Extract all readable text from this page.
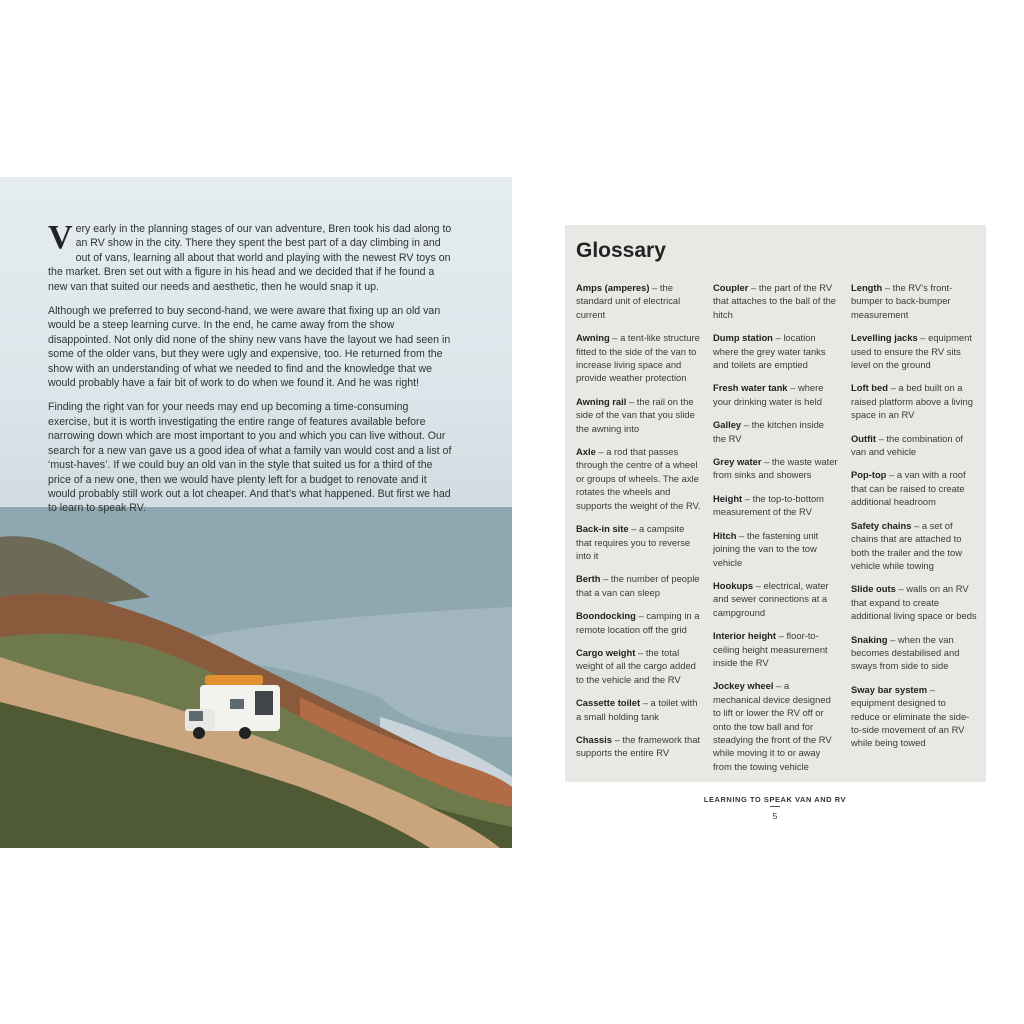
Very early in the planning stages of our van adventure, Bren took his dad along to an RV show in the city. There they spent the best part of a day climbing in and out of vans, learning all about that world and playing with the newest RV toys on the market. Bren set out with a figure in his head and we decided that if he found a new van that suited our needs and aesthetic, then he would snap it up.

Although we preferred to buy second-hand, we were aware that fixing up an old van would be a steep learning curve. In the end, he came away from the show disappointed. Not only did none of the shiny new vans have the layout we had seen in some of the older vans, but they were ugly and expensive, too. He returned from the show with an understanding of what we needed to find and the knowledge that we would probably have a fair bit of work to do when we found it. And he was right!

Finding the right van for your needs may end up becoming a time-consuming exercise, but it is worth investigating the entire range of features available before narrowing down which are most important to you and which you can live without. Our search for a new van gave us a good idea of what a family van would cost and a list of ‘must-haves’. If we could buy an old van in the style that suited us for a third of the price of a new one, then we would have plenty left for a budget to renovate and it would probably still work out a lot cheaper. And that’s what happened. But first we had to learn to speak RV.

Glossary
Amps (amperes) – the standard unit of electrical current
Awning – a tent-like structure fitted to the side of the van to increase living space and provide weather protection
Awning rail – the rail on the side of the van that you slide the awning into
Axle – a rod that passes through the centre of a wheel or groups of wheels. The axle rotates the wheels and supports the weight of the RV.
Back-in site – a campsite that requires you to reverse into it
Berth – the number of people that a van can sleep
Boondocking – camping in a remote location off the grid
Cargo weight – the total weight of all the cargo added to the vehicle and the RV
Cassette toilet – a toilet with a small holding tank
Chassis – the framework that supports the entire RV
Coupler – the part of the RV that attaches to the ball of the hitch
Dump station – location where the grey water tanks and toilets are emptied
Fresh water tank – where your drinking water is held
Galley – the kitchen inside the RV
Grey water – the waste water from sinks and showers
Height – the top-to-bottom measurement of the RV
Hitch – the fastening unit joining the van to the tow vehicle
Hookups – electrical, water and sewer connections at a campground
Interior height – floor-to-ceiling height measurement inside the RV
Jockey wheel – a mechanical device designed to lift or lower the RV off or onto the tow ball and for steadying the front of the RV while moving it to or away from the towing vehicle
Length – the RV’s front-bumper to back-bumper measurement
Levelling jacks – equipment used to ensure the RV sits level on the ground
Loft bed – a bed built on a raised platform above a living space in an RV
Outfit – the combination of van and vehicle
Pop-top – a van with a roof that can be raised to create additional headroom
Safety chains – a set of chains that are attached to both the trailer and the tow vehicle while towing
Slide outs – walls on an RV that expand to create additional living space or beds
Snaking – when the van becomes destabilised and sways from side to side
Sway bar system – equipment designed to reduce or eliminate the side-to-side movement of an RV while being towed
LEARNING TO SPEAK VAN AND RV
5
